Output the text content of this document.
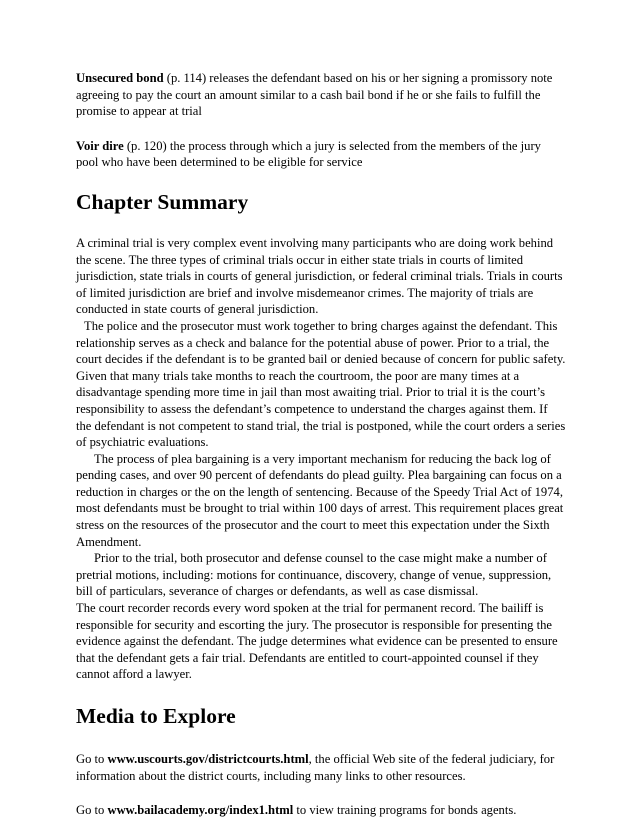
Unsecured bond (p. 114) releases the defendant based on his or her signing a promissory note agreeing to pay the court an amount similar to a cash bail bond if he or she fails to fulfill the promise to appear at trial

Voir dire (p. 120) the process through which a jury is selected from the members of the jury pool who have been determined to be eligible for service

Chapter Summary

A criminal trial is very complex event involving many participants who are doing work behind the scene. The three types of criminal trials occur in either state trials in courts of limited jurisdiction, state trials in courts of general jurisdiction, or federal criminal trials. Trials in courts of limited jurisdiction are brief and involve misdemeanor crimes. The majority of trials are conducted in state courts of general jurisdiction.

The police and the prosecutor must work together to bring charges against the defendant. This relationship serves as a check and balance for the potential abuse of power. Prior to a trial, the court decides if the defendant is to be granted bail or denied because of concern for public safety. Given that many trials take months to reach the courtroom, the poor are many times at a disadvantage spending more time in jail than most awaiting trial. Prior to trial it is the court’s responsibility to assess the defendant’s competence to understand the charges against them. If the defendant is not competent to stand trial, the trial is postponed, while the court orders a series of psychiatric evaluations.

The process of plea bargaining is a very important mechanism for reducing the back log of pending cases, and over 90 percent of defendants do plead guilty. Plea bargaining can focus on a reduction in charges or the on the length of sentencing. Because of the Speedy Trial Act of 1974, most defendants must be brought to trial within 100 days of arrest. This requirement places great stress on the resources of the prosecutor and the court to meet this expectation under the Sixth Amendment.

Prior to the trial, both prosecutor and defense counsel to the case might make a number of pretrial motions, including: motions for continuance, discovery, change of venue, suppression, bill of particulars, severance of charges or defendants, as well as case dismissal.

The court recorder records every word spoken at the trial for permanent record. The bailiff is responsible for security and escorting the jury. The prosecutor is responsible for presenting the evidence against the defendant. The judge determines what evidence can be presented to ensure that the defendant gets a fair trial. Defendants are entitled to court-appointed counsel if they cannot afford a lawyer.

Media to Explore

Go to www.uscourts.gov/districtcourts.html, the official Web site of the federal judiciary, for information about the district courts, including many links to other resources.

Go to www.bailacademy.org/index1.html to view training programs for bonds agents.
